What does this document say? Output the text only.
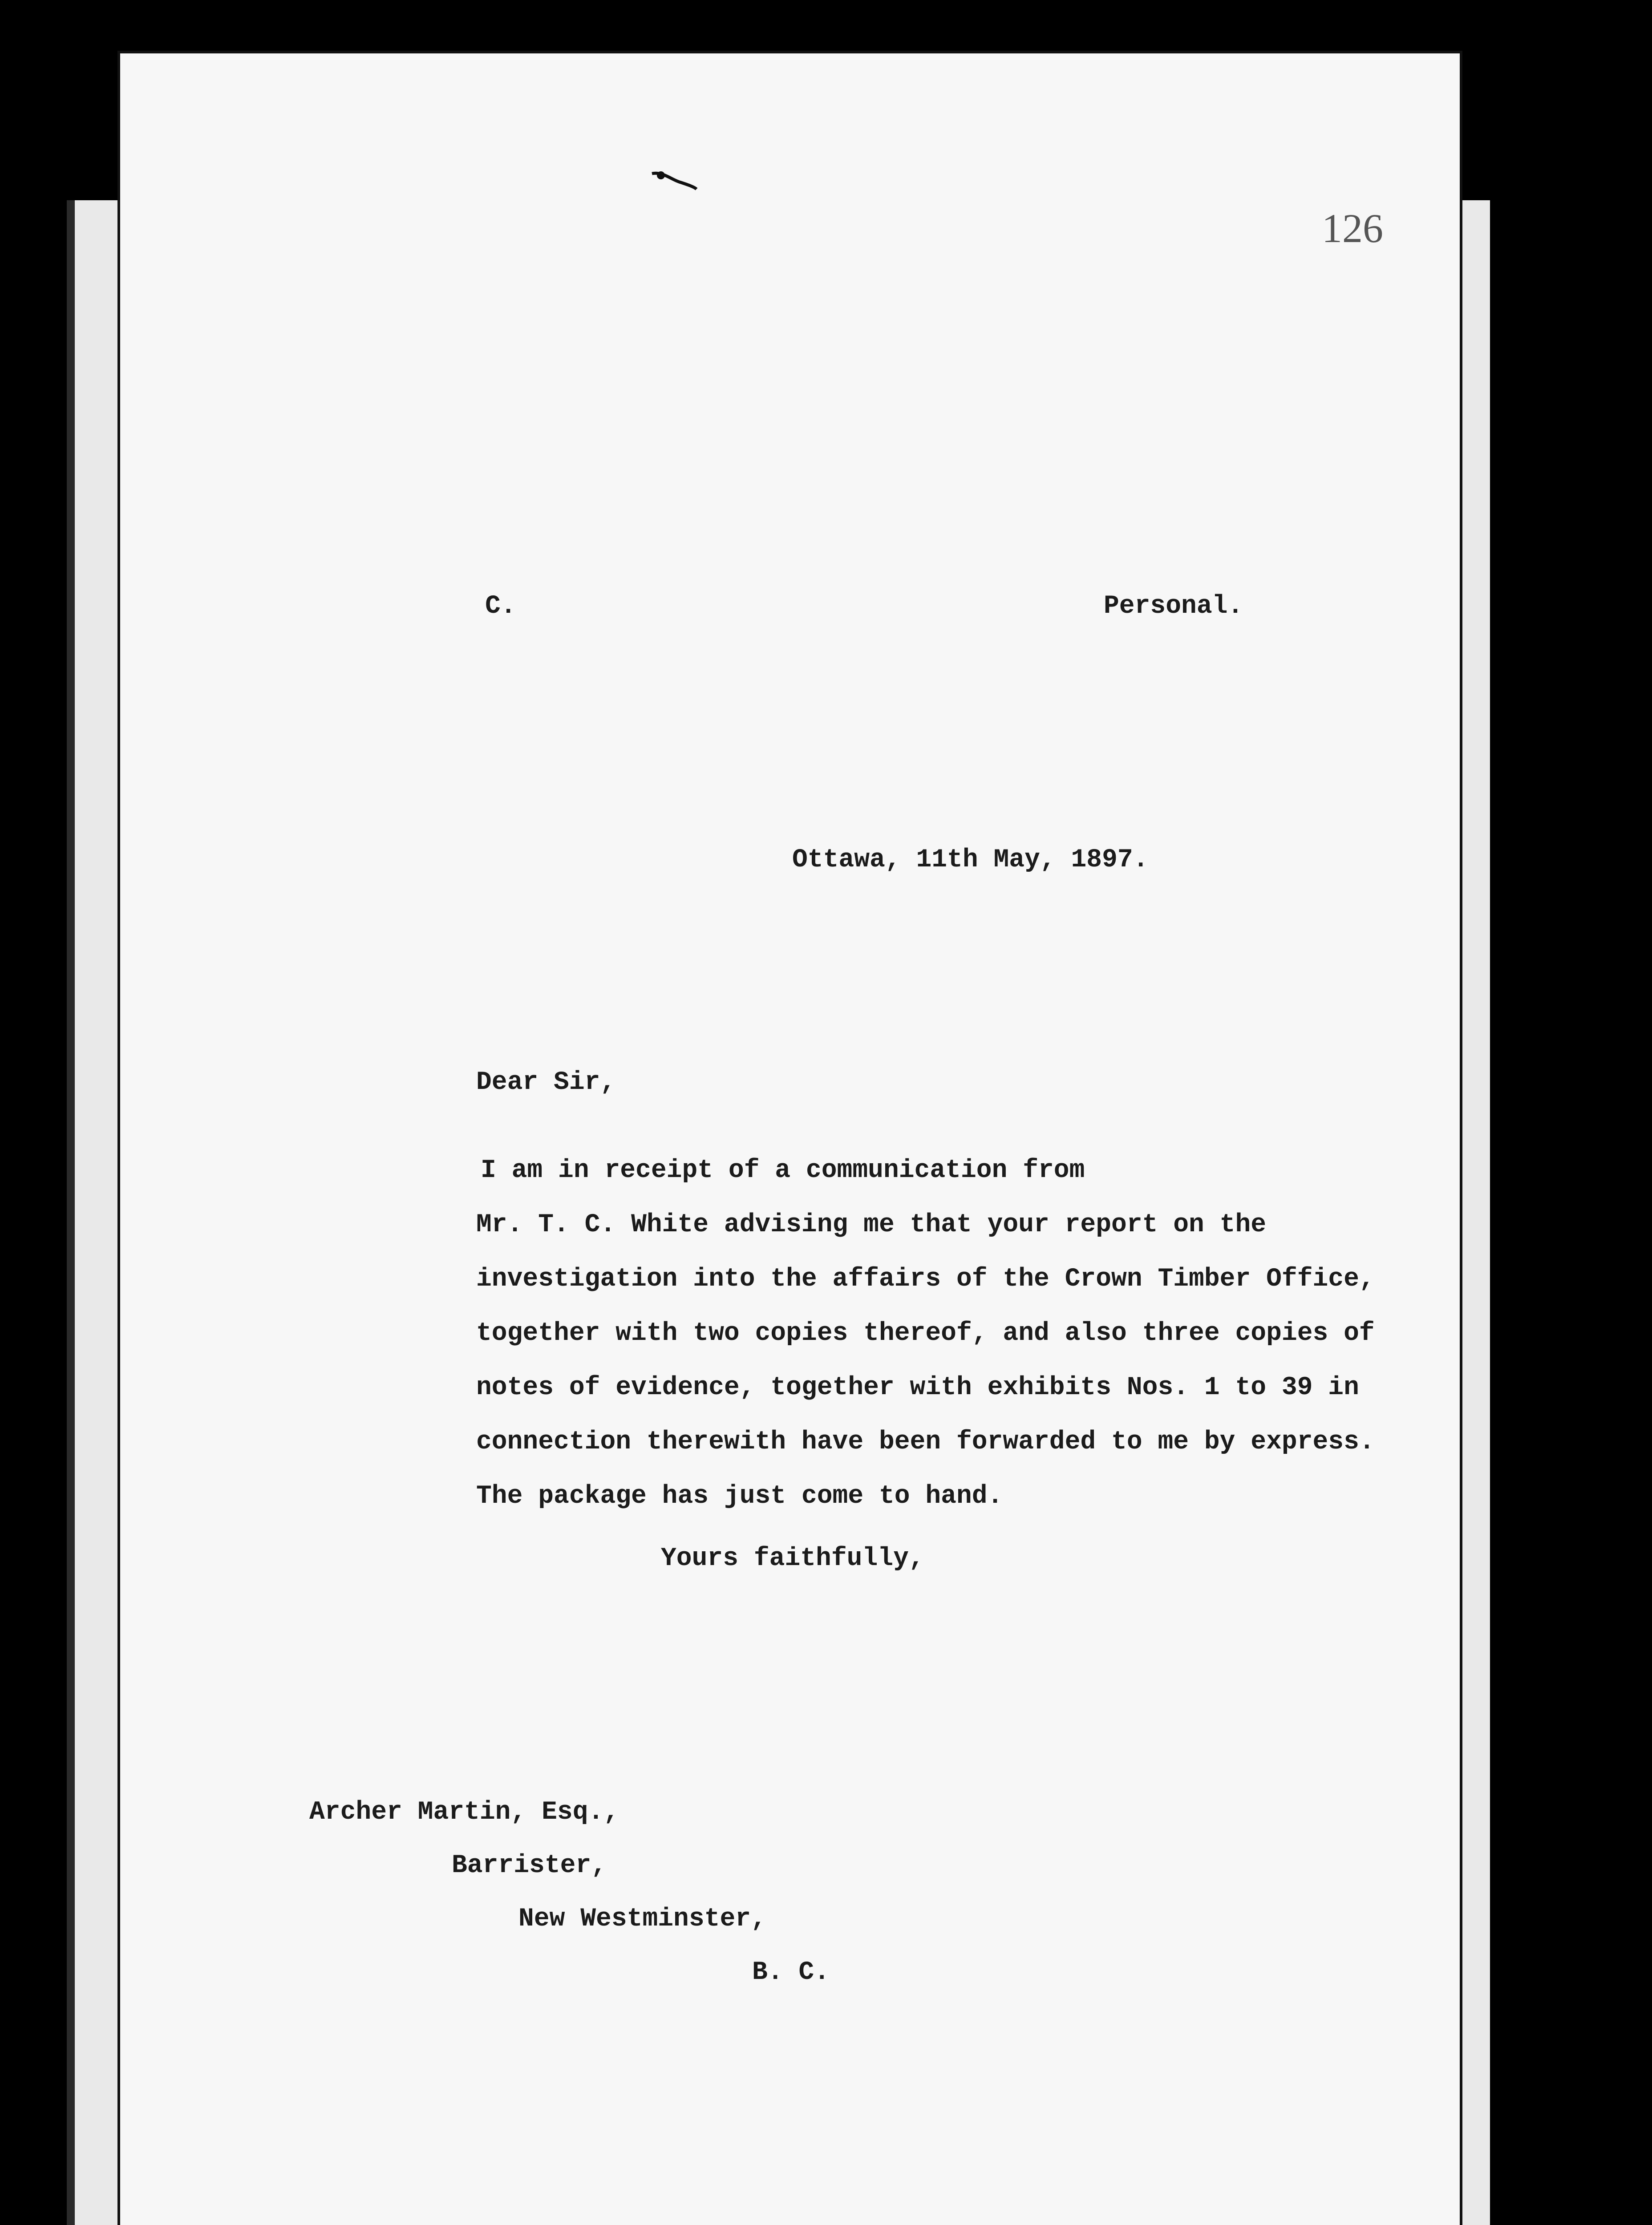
126
C.	Personal.
Ottawa, 11th May, 1897.
Dear Sir,
I am in receipt of a communication from
Mr. T. C. White advising me that your report on the
investigation into the affairs of the Crown Timber Office,
together with two copies thereof, and also three copies of
notes of evidence, together with exhibits Nos. 1 to 39 in
connection therewith have been forwarded to me by express.
The package has just come to hand.
Yours faithfully,
Archer Martin, Esq.,
Barrister,
New Westminster,
B. C.
